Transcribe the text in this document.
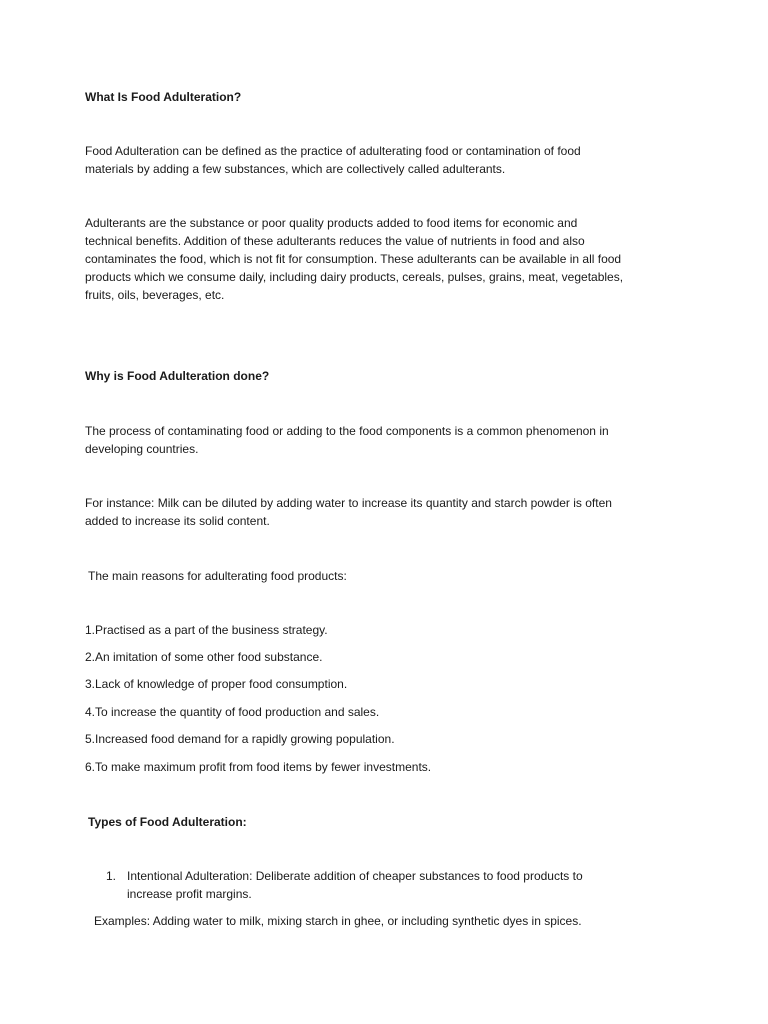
What Is Food Adulteration?

Food Adulteration can be defined as the practice of adulterating food or contamination of food materials by adding a few substances, which are collectively called adulterants.

Adulterants are the substance or poor quality products added to food items for economic and technical benefits. Addition of these adulterants reduces the value of nutrients in food and also contaminates the food, which is not fit for consumption. These adulterants can be available in all food products which we consume daily, including dairy products, cereals, pulses, grains, meat, vegetables, fruits, oils, beverages, etc.

Why is Food Adulteration done?

The process of contaminating food or adding to the food components is a common phenomenon in developing countries.

For instance: Milk can be diluted by adding water to increase its quantity and starch powder is often added to increase its solid content.

The main reasons for adulterating food products:

1.Practised as a part of the business strategy.

2.An imitation of some other food substance.

3.Lack of knowledge of proper food consumption.

4.To increase the quantity of food production and sales.

5.Increased food demand for a rapidly growing population.

6.To make maximum profit from food items by fewer investments.

Types of Food Adulteration:

1. Intentional Adulteration: Deliberate addition of cheaper substances to food products to increase profit margins.

Examples: Adding water to milk, mixing starch in ghee, or including synthetic dyes in spices.
